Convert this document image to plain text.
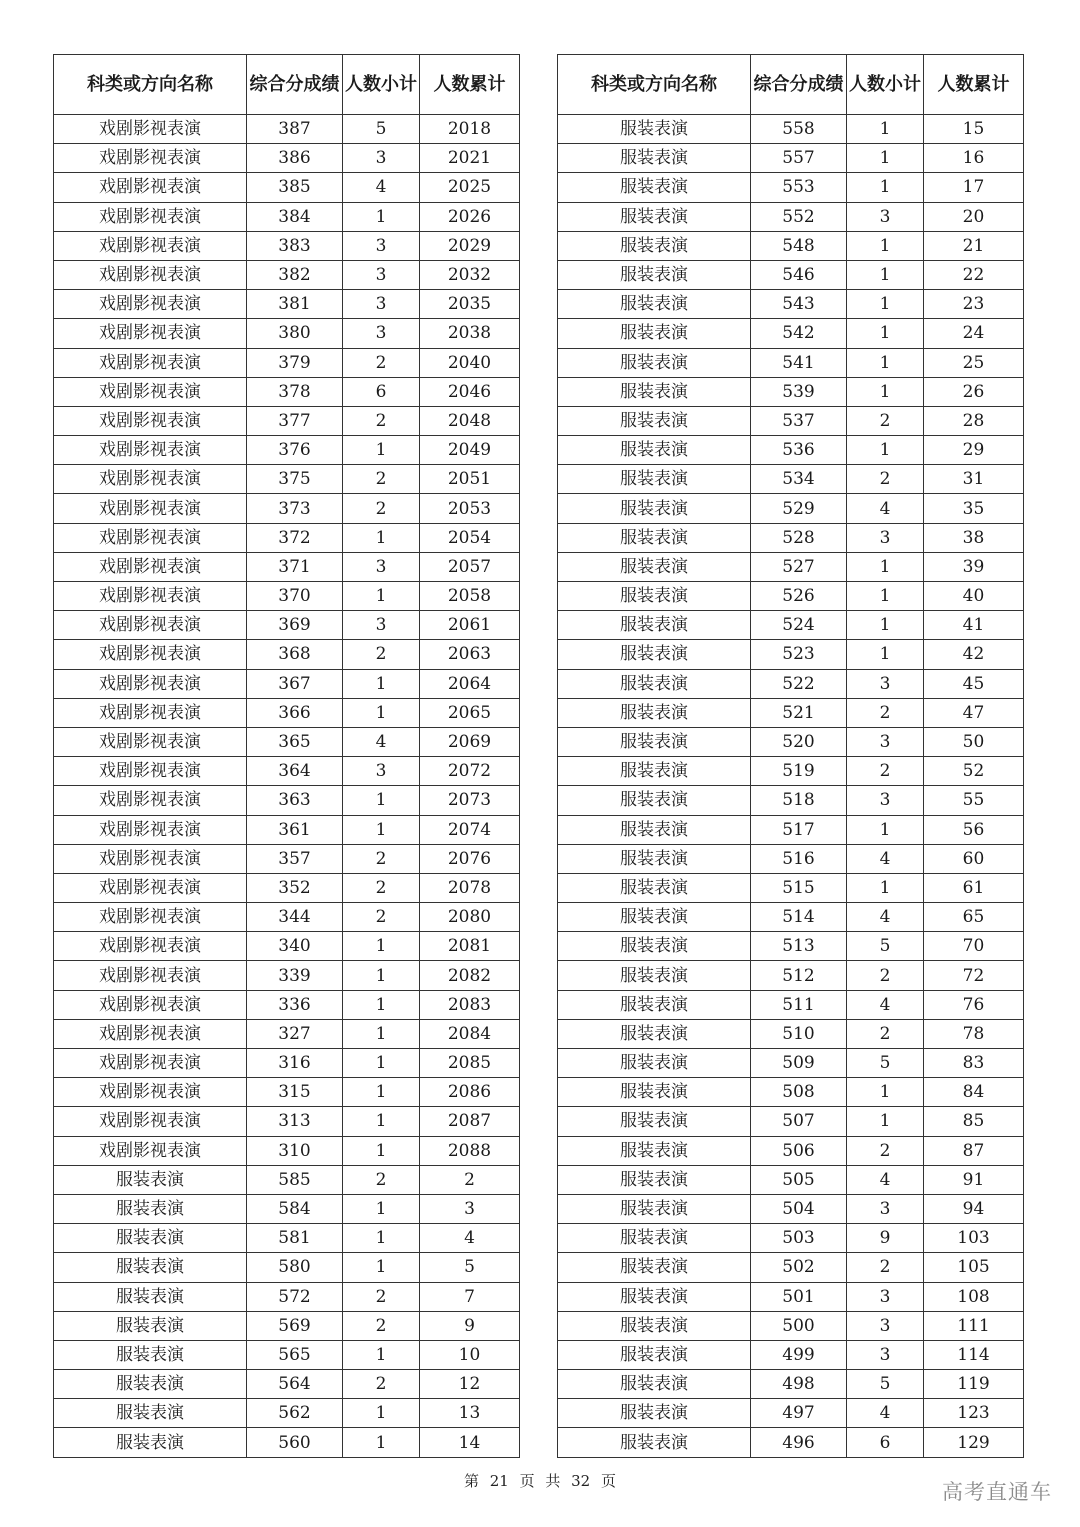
科类或方向名称	综合分成绩	人数小计	人数累计
戏剧影视表演	387	5	2018
戏剧影视表演	386	3	2021
戏剧影视表演	385	4	2025
戏剧影视表演	384	1	2026
戏剧影视表演	383	3	2029
戏剧影视表演	382	3	2032
戏剧影视表演	381	3	2035
戏剧影视表演	380	3	2038
戏剧影视表演	379	2	2040
戏剧影视表演	378	6	2046
戏剧影视表演	377	2	2048
戏剧影视表演	376	1	2049
戏剧影视表演	375	2	2051
戏剧影视表演	373	2	2053
戏剧影视表演	372	1	2054
戏剧影视表演	371	3	2057
戏剧影视表演	370	1	2058
戏剧影视表演	369	3	2061
戏剧影视表演	368	2	2063
戏剧影视表演	367	1	2064
戏剧影视表演	366	1	2065
戏剧影视表演	365	4	2069
戏剧影视表演	364	3	2072
戏剧影视表演	363	1	2073
戏剧影视表演	361	1	2074
戏剧影视表演	357	2	2076
戏剧影视表演	352	2	2078
戏剧影视表演	344	2	2080
戏剧影视表演	340	1	2081
戏剧影视表演	339	1	2082
戏剧影视表演	336	1	2083
戏剧影视表演	327	1	2084
戏剧影视表演	316	1	2085
戏剧影视表演	315	1	2086
戏剧影视表演	313	1	2087
戏剧影视表演	310	1	2088
服装表演	585	2	2
服装表演	584	1	3
服装表演	581	1	4
服装表演	580	1	5
服装表演	572	2	7
服装表演	569	2	9
服装表演	565	1	10
服装表演	564	2	12
服装表演	562	1	13
服装表演	560	1	14
科类或方向名称	综合分成绩	人数小计	人数累计
服装表演	558	1	15
服装表演	557	1	16
服装表演	553	1	17
服装表演	552	3	20
服装表演	548	1	21
服装表演	546	1	22
服装表演	543	1	23
服装表演	542	1	24
服装表演	541	1	25
服装表演	539	1	26
服装表演	537	2	28
服装表演	536	1	29
服装表演	534	2	31
服装表演	529	4	35
服装表演	528	3	38
服装表演	527	1	39
服装表演	526	1	40
服装表演	524	1	41
服装表演	523	1	42
服装表演	522	3	45
服装表演	521	2	47
服装表演	520	3	50
服装表演	519	2	52
服装表演	518	3	55
服装表演	517	1	56
服装表演	516	4	60
服装表演	515	1	61
服装表演	514	4	65
服装表演	513	5	70
服装表演	512	2	72
服装表演	511	4	76
服装表演	510	2	78
服装表演	509	5	83
服装表演	508	1	84
服装表演	507	1	85
服装表演	506	2	87
服装表演	505	4	91
服装表演	504	3	94
服装表演	503	9	103
服装表演	502	2	105
服装表演	501	3	108
服装表演	500	3	111
服装表演	499	3	114
服装表演	498	5	119
服装表演	497	4	123
服装表演	496	6	129
第 21 页 共 32 页	高考直通车
